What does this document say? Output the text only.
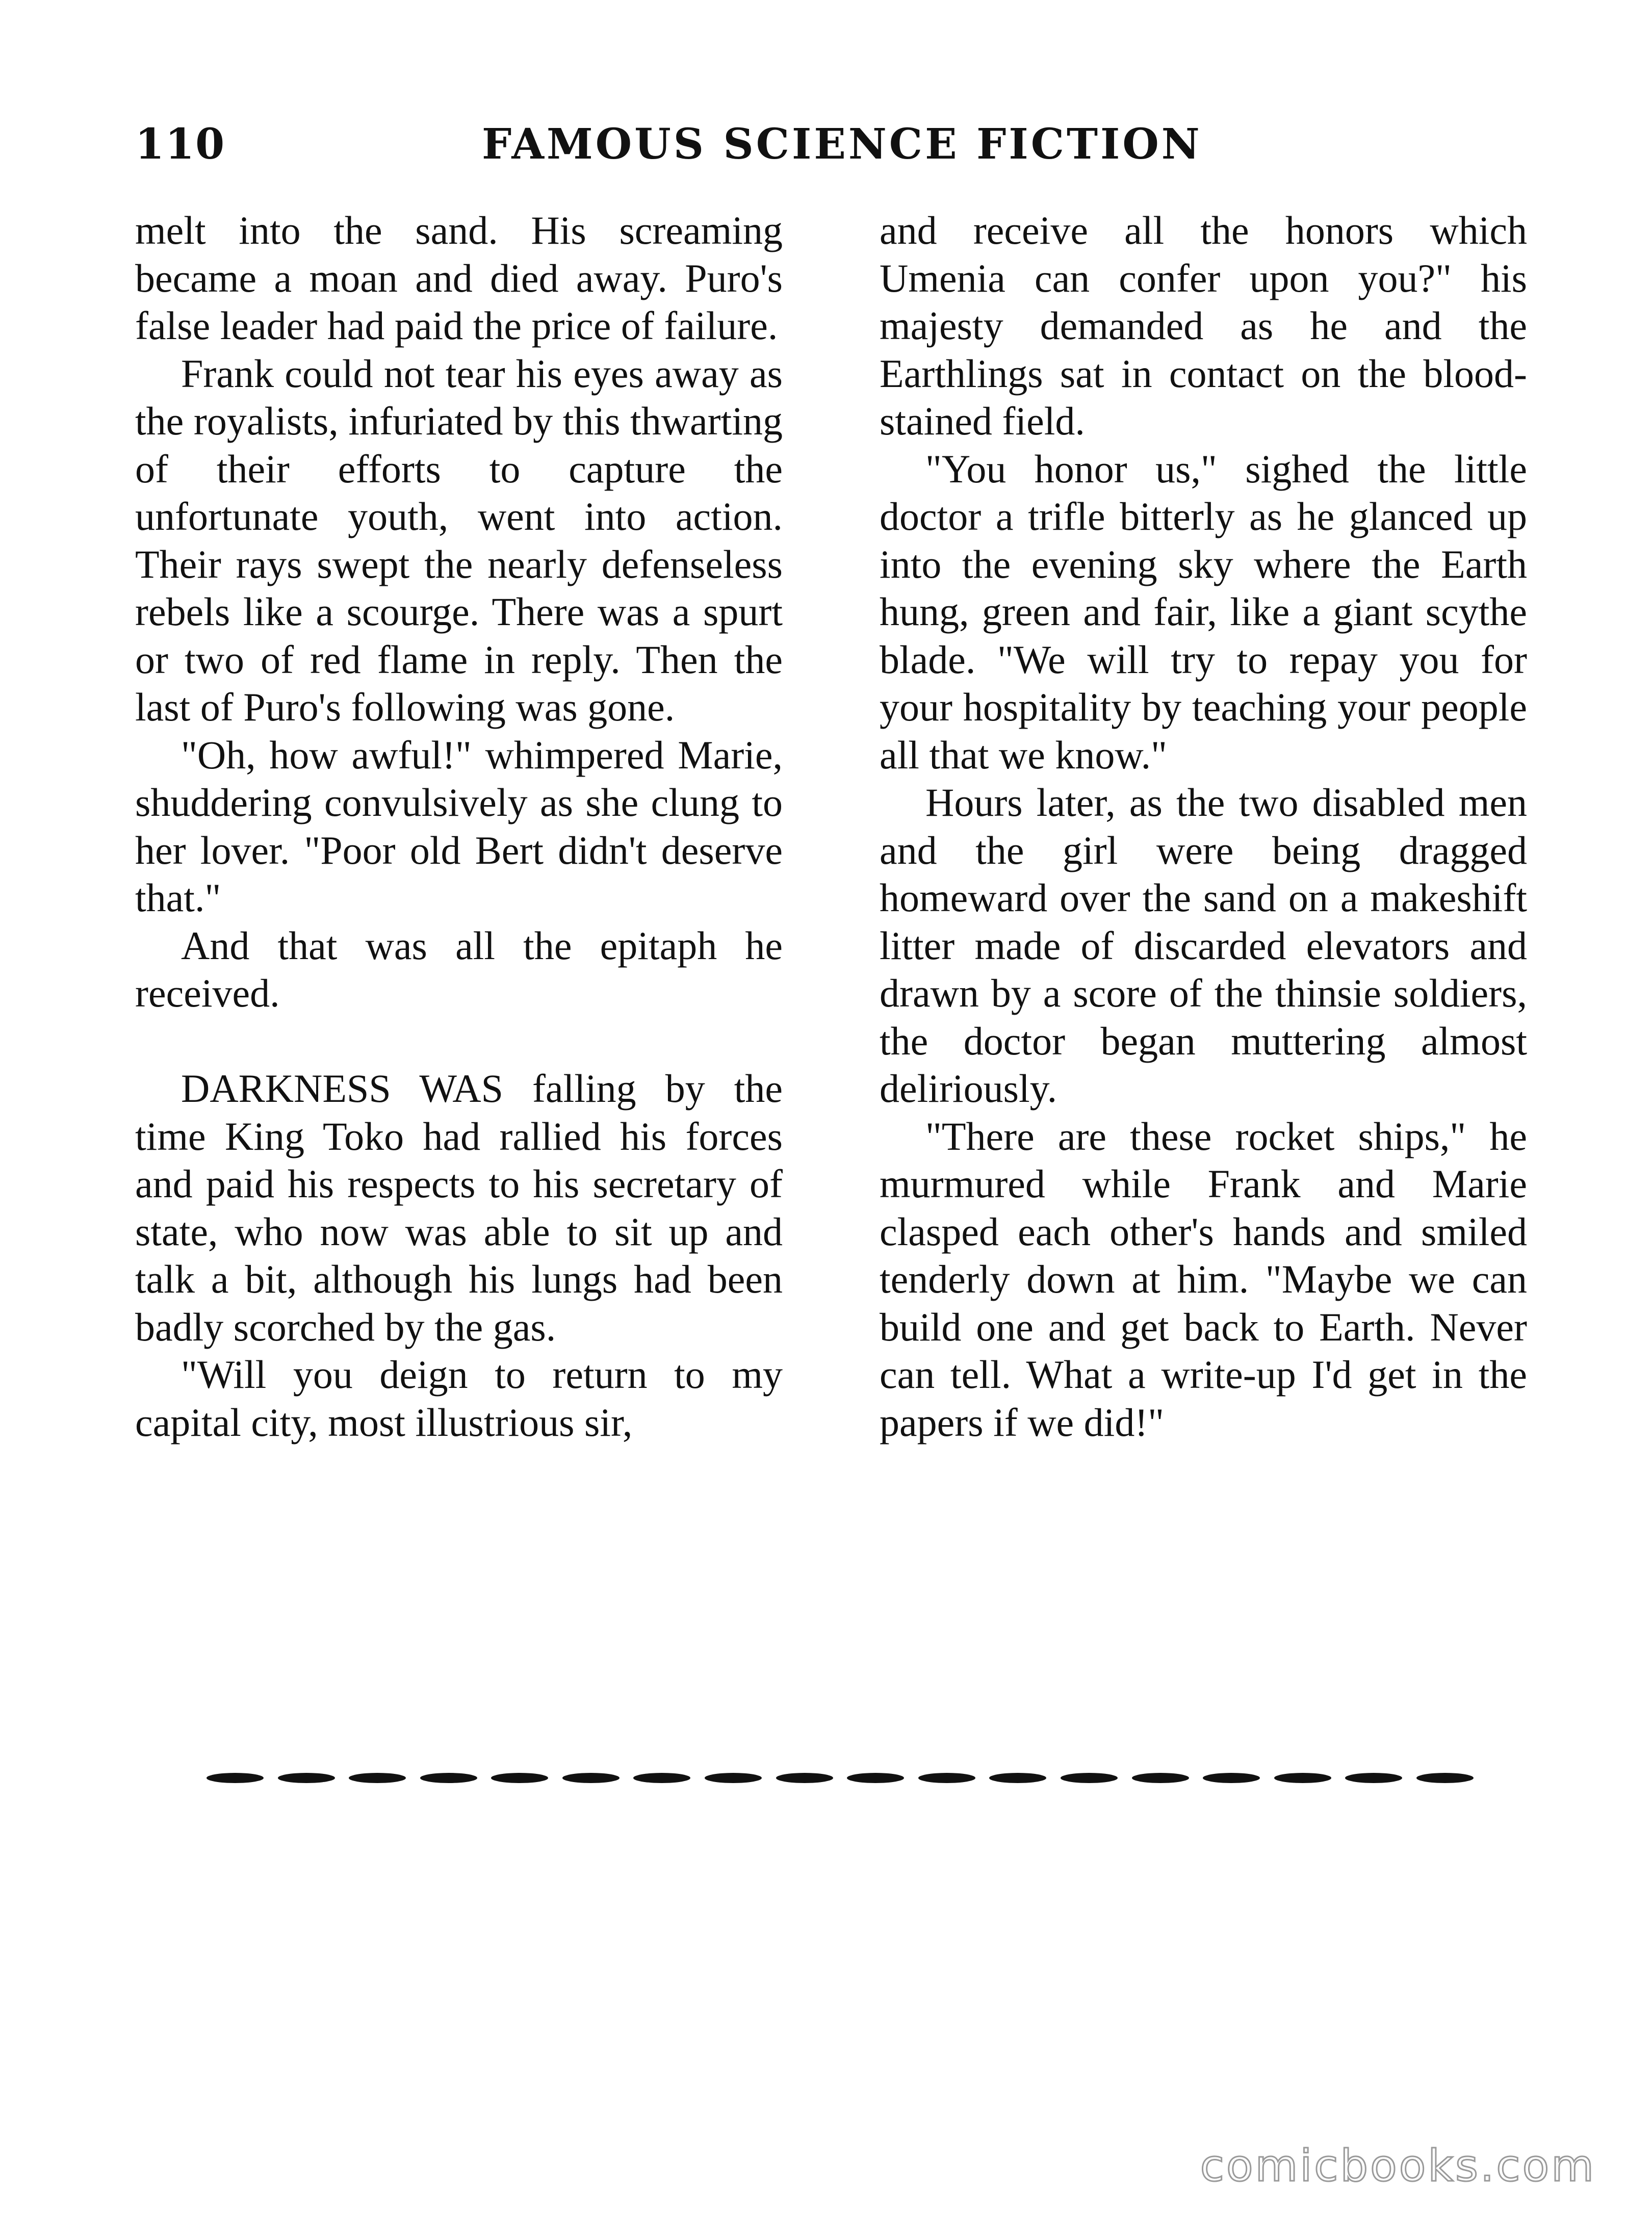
110	FAMOUS SCIENCE FICTION

melt into the sand. His screaming became a moan and died away. Puro's false leader had paid the price of failure.

Frank could not tear his eyes away as the royalists, infuriated by this thwarting of their efforts to capture the unfortunate youth, went into action. Their rays swept the nearly defenseless rebels like a scourge. There was a spurt or two of red flame in reply. Then the last of Puro's following was gone.

"Oh, how awful!" whimpered Marie, shuddering convulsively as she clung to her lover. "Poor old Bert didn't deserve that."

And that was all the epitaph he received.

DARKNESS WAS falling by the time King Toko had rallied his forces and paid his respects to his secretary of state, who now was able to sit up and talk a bit, although his lungs had been badly scorched by the gas.

"Will you deign to return to my capital city, most illustrious sir,

and receive all the honors which Umenia can confer upon you?" his majesty demanded as he and the Earthlings sat in contact on the blood-stained field.

"You honor us," sighed the little doctor a trifle bitterly as he glanced up into the evening sky where the Earth hung, green and fair, like a giant scythe blade. "We will try to repay you for your hospitality by teaching your people all that we know."

Hours later, as the two disabled men and the girl were being dragged homeward over the sand on a makeshift litter made of discarded elevators and drawn by a score of the thinsie soldiers, the doctor began muttering almost deliriously.

"There are these rocket ships," he murmured while Frank and Marie clasped each other's hands and smiled tenderly down at him. "Maybe we can build one and get back to Earth. Never can tell. What a write-up I'd get in the papers if we did!"

comicbooks.com
